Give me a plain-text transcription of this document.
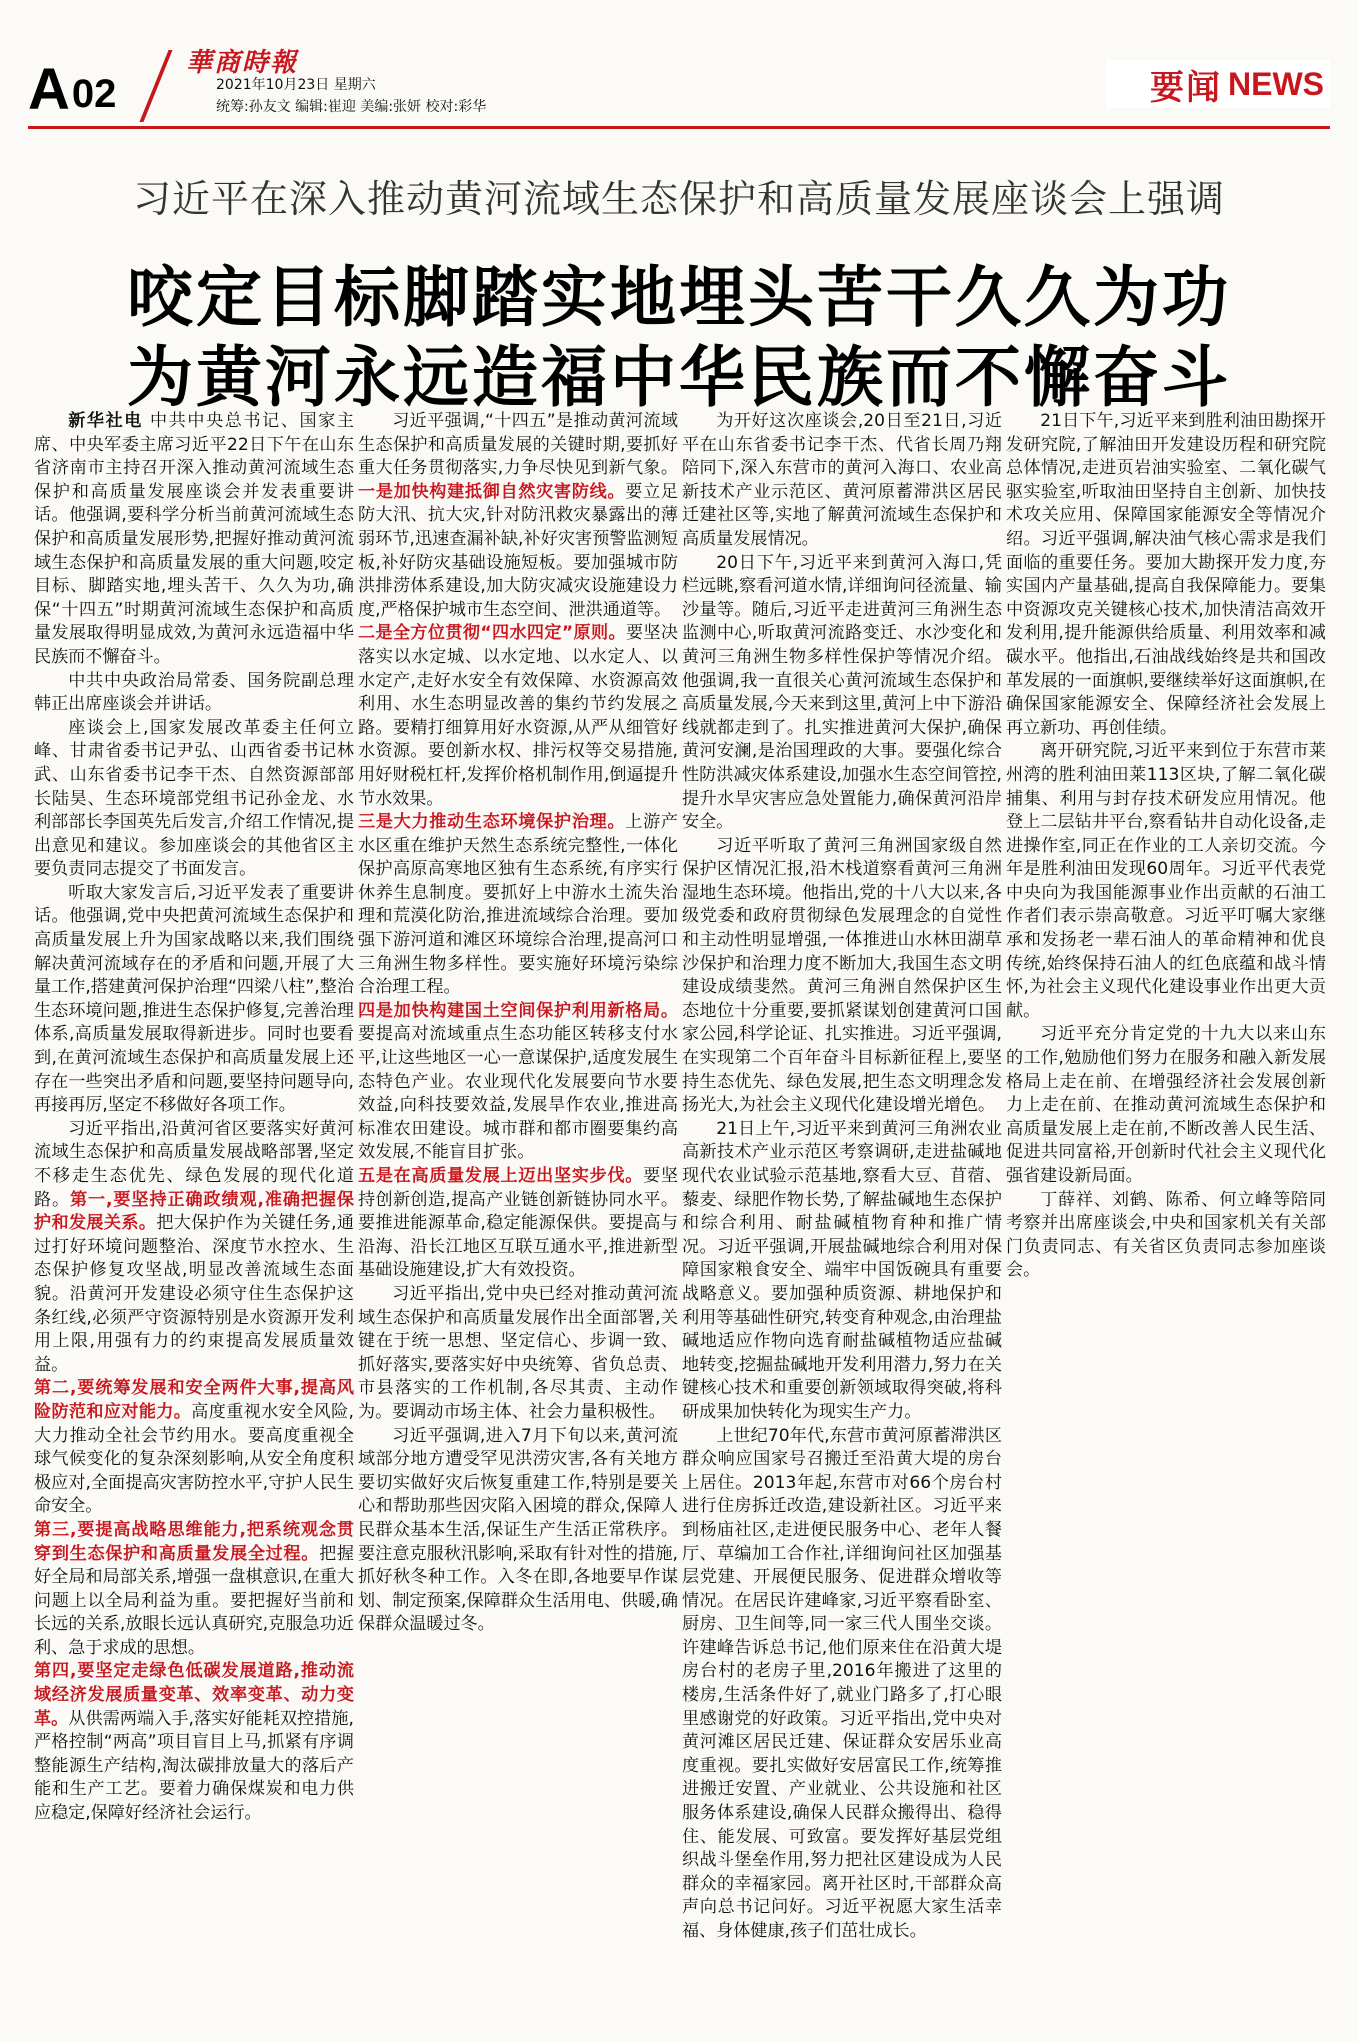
A02
華商時報
2021年10月23日 星期六
统筹:孙友文 编辑:崔迎 美编:张妍 校对:彩华	要闻 NEWS
习近平在深入推动黄河流域生态保护和高质量发展座谈会上强调
咬定目标脚踏实地埋头苦干久久为功
为黄河永远造福中华民族而不懈奋斗

新华社电 中共中央总书记、国家主席、中央军委主席习近平22日下午在山东省济南市主持召开深入推动黄河流域生态保护和高质量发展座谈会并发表重要讲话。他强调,要科学分析当前黄河流域生态保护和高质量发展形势,把握好推动黄河流域生态保护和高质量发展的重大问题,咬定目标、脚踏实地,埋头苦干、久久为功,确保“十四五”时期黄河流域生态保护和高质量发展取得明显成效,为黄河永远造福中华民族而不懈奋斗。

中共中央政治局常委、国务院副总理韩正出席座谈会并讲话。

座谈会上,国家发展改革委主任何立峰、甘肃省委书记尹弘、山西省委书记林武、山东省委书记李干杰、自然资源部部长陆昊、生态环境部党组书记孙金龙、水利部部长李国英先后发言,介绍工作情况,提出意见和建议。参加座谈会的其他省区主要负责同志提交了书面发言。

听取大家发言后,习近平发表了重要讲话。他强调,党中央把黄河流域生态保护和高质量发展上升为国家战略以来,我们围绕解决黄河流域存在的矛盾和问题,开展了大量工作,搭建黄河保护治理“四梁八柱”,整治生态环境问题,推进生态保护修复,完善治理体系,高质量发展取得新进步。同时也要看到,在黄河流域生态保护和高质量发展上还存在一些突出矛盾和问题,要坚持问题导向,再接再厉,坚定不移做好各项工作。

习近平指出,沿黄河省区要落实好黄河流域生态保护和高质量发展战略部署,坚定不移走生态优先、绿色发展的现代化道路。第一,要坚持正确政绩观,准确把握保护和发展关系。把大保护作为关键任务,通过打好环境问题整治、深度节水控水、生态保护修复攻坚战,明显改善流域生态面貌。沿黄河开发建设必须守住生态保护这条红线,必须严守资源特别是水资源开发利用上限,用强有力的约束提高发展质量效益。

第二,要统筹发展和安全两件大事,提高风险防范和应对能力。高度重视水安全风险,大力推动全社会节约用水。要高度重视全球气候变化的复杂深刻影响,从安全角度积极应对,全面提高灾害防控水平,守护人民生命安全。

第三,要提高战略思维能力,把系统观念贯穿到生态保护和高质量发展全过程。把握好全局和局部关系,增强一盘棋意识,在重大问题上以全局利益为重。要把握好当前和长远的关系,放眼长远认真研究,克服急功近利、急于求成的思想。

第四,要坚定走绿色低碳发展道路,推动流域经济发展质量变革、效率变革、动力变革。从供需两端入手,落实好能耗双控措施,严格控制“两高”项目盲目上马,抓紧有序调整能源生产结构,淘汰碳排放量大的落后产能和生产工艺。要着力确保煤炭和电力供应稳定,保障好经济社会运行。

习近平强调,“十四五”是推动黄河流域生态保护和高质量发展的关键时期,要抓好重大任务贯彻落实,力争尽快见到新气象。一是加快构建抵御自然灾害防线。要立足防大汛、抗大灾,针对防汛救灾暴露出的薄弱环节,迅速查漏补缺,补好灾害预警监测短板,补好防灾基础设施短板。要加强城市防洪排涝体系建设,加大防灾减灾设施建设力度,严格保护城市生态空间、泄洪通道等。

二是全方位贯彻“四水四定”原则。要坚决落实以水定城、以水定地、以水定人、以水定产,走好水安全有效保障、水资源高效利用、水生态明显改善的集约节约发展之路。要精打细算用好水资源,从严从细管好水资源。要创新水权、排污权等交易措施,用好财税杠杆,发挥价格机制作用,倒逼提升节水效果。

三是大力推动生态环境保护治理。上游产水区重在维护天然生态系统完整性,一体化保护高原高寒地区独有生态系统,有序实行休养生息制度。要抓好上中游水土流失治理和荒漠化防治,推进流域综合治理。要加强下游河道和滩区环境综合治理,提高河口三角洲生物多样性。要实施好环境污染综合治理工程。

四是加快构建国土空间保护利用新格局。要提高对流域重点生态功能区转移支付水平,让这些地区一心一意谋保护,适度发展生态特色产业。农业现代化发展要向节水要效益,向科技要效益,发展旱作农业,推进高标准农田建设。城市群和都市圈要集约高效发展,不能盲目扩张。

五是在高质量发展上迈出坚实步伐。要坚持创新创造,提高产业链创新链协同水平。要推进能源革命,稳定能源保供。要提高与沿海、沿长江地区互联互通水平,推进新型基础设施建设,扩大有效投资。

习近平指出,党中央已经对推动黄河流域生态保护和高质量发展作出全面部署,关键在于统一思想、坚定信心、步调一致、抓好落实,要落实好中央统筹、省负总责、市县落实的工作机制,各尽其责、主动作为。要调动市场主体、社会力量积极性。

习近平强调,进入7月下旬以来,黄河流域部分地方遭受罕见洪涝灾害,各有关地方要切实做好灾后恢复重建工作,特别是要关心和帮助那些因灾陷入困境的群众,保障人民群众基本生活,保证生产生活正常秩序。要注意克服秋汛影响,采取有针对性的措施,抓好秋冬种工作。入冬在即,各地要早作谋划、制定预案,保障群众生活用电、供暖,确保群众温暖过冬。

为开好这次座谈会,20日至21日,习近平在山东省委书记李干杰、代省长周乃翔陪同下,深入东营市的黄河入海口、农业高新技术产业示范区、黄河原蓄滞洪区居民迁建社区等,实地了解黄河流域生态保护和高质量发展情况。

20日下午,习近平来到黄河入海口,凭栏远眺,察看河道水情,详细询问径流量、输沙量等。随后,习近平走进黄河三角洲生态监测中心,听取黄河流路变迁、水沙变化和黄河三角洲生物多样性保护等情况介绍。他强调,我一直很关心黄河流域生态保护和高质量发展,今天来到这里,黄河上中下游沿线就都走到了。扎实推进黄河大保护,确保黄河安澜,是治国理政的大事。要强化综合性防洪减灾体系建设,加强水生态空间管控,提升水旱灾害应急处置能力,确保黄河沿岸安全。

习近平听取了黄河三角洲国家级自然保护区情况汇报,沿木栈道察看黄河三角洲湿地生态环境。他指出,党的十八大以来,各级党委和政府贯彻绿色发展理念的自觉性和主动性明显增强,一体推进山水林田湖草沙保护和治理力度不断加大,我国生态文明建设成绩斐然。黄河三角洲自然保护区生态地位十分重要,要抓紧谋划创建黄河口国家公园,科学论证、扎实推进。习近平强调,在实现第二个百年奋斗目标新征程上,要坚持生态优先、绿色发展,把生态文明理念发扬光大,为社会主义现代化建设增光增色。

21日上午,习近平来到黄河三角洲农业高新技术产业示范区考察调研,走进盐碱地现代农业试验示范基地,察看大豆、苜蓿、藜麦、绿肥作物长势,了解盐碱地生态保护和综合利用、耐盐碱植物育种和推广情况。习近平强调,开展盐碱地综合利用对保障国家粮食安全、端牢中国饭碗具有重要战略意义。要加强种质资源、耕地保护和利用等基础性研究,转变育种观念,由治理盐碱地适应作物向选育耐盐碱植物适应盐碱地转变,挖掘盐碱地开发利用潜力,努力在关键核心技术和重要创新领域取得突破,将科研成果加快转化为现实生产力。

上世纪70年代,东营市黄河原蓄滞洪区群众响应国家号召搬迁至沿黄大堤的房台上居住。2013年起,东营市对66个房台村进行住房拆迁改造,建设新社区。习近平来到杨庙社区,走进便民服务中心、老年人餐厅、草编加工合作社,详细询问社区加强基层党建、开展便民服务、促进群众增收等情况。在居民许建峰家,习近平察看卧室、厨房、卫生间等,同一家三代人围坐交谈。许建峰告诉总书记,他们原来住在沿黄大堤房台村的老房子里,2016年搬进了这里的楼房,生活条件好了,就业门路多了,打心眼里感谢党的好政策。习近平指出,党中央对黄河滩区居民迁建、保证群众安居乐业高度重视。要扎实做好安居富民工作,统筹推进搬迁安置、产业就业、公共设施和社区服务体系建设,确保人民群众搬得出、稳得住、能发展、可致富。要发挥好基层党组织战斗堡垒作用,努力把社区建设成为人民群众的幸福家园。离开社区时,干部群众高声向总书记问好。习近平祝愿大家生活幸福、身体健康,孩子们茁壮成长。

21日下午,习近平来到胜利油田勘探开发研究院,了解油田开发建设历程和研究院总体情况,走进页岩油实验室、二氧化碳气驱实验室,听取油田坚持自主创新、加快技术攻关应用、保障国家能源安全等情况介绍。习近平强调,解决油气核心需求是我们面临的重要任务。要加大勘探开发力度,夯实国内产量基础,提高自我保障能力。要集中资源攻克关键核心技术,加快清洁高效开发利用,提升能源供给质量、利用效率和减碳水平。他指出,石油战线始终是共和国改革发展的一面旗帜,要继续举好这面旗帜,在确保国家能源安全、保障经济社会发展上再立新功、再创佳绩。

离开研究院,习近平来到位于东营市莱州湾的胜利油田莱113区块,了解二氧化碳捕集、利用与封存技术研发应用情况。他登上二层钻井平台,察看钻井自动化设备,走进操作室,同正在作业的工人亲切交流。今年是胜利油田发现60周年。习近平代表党中央向为我国能源事业作出贡献的石油工作者们表示崇高敬意。习近平叮嘱大家继承和发扬老一辈石油人的革命精神和优良传统,始终保持石油人的红色底蕴和战斗情怀,为社会主义现代化建设事业作出更大贡献。

习近平充分肯定党的十九大以来山东的工作,勉励他们努力在服务和融入新发展格局上走在前、在增强经济社会发展创新力上走在前、在推动黄河流域生态保护和高质量发展上走在前,不断改善人民生活、促进共同富裕,开创新时代社会主义现代化强省建设新局面。

丁薛祥、刘鹤、陈希、何立峰等陪同考察并出席座谈会,中央和国家机关有关部门负责同志、有关省区负责同志参加座谈会。
